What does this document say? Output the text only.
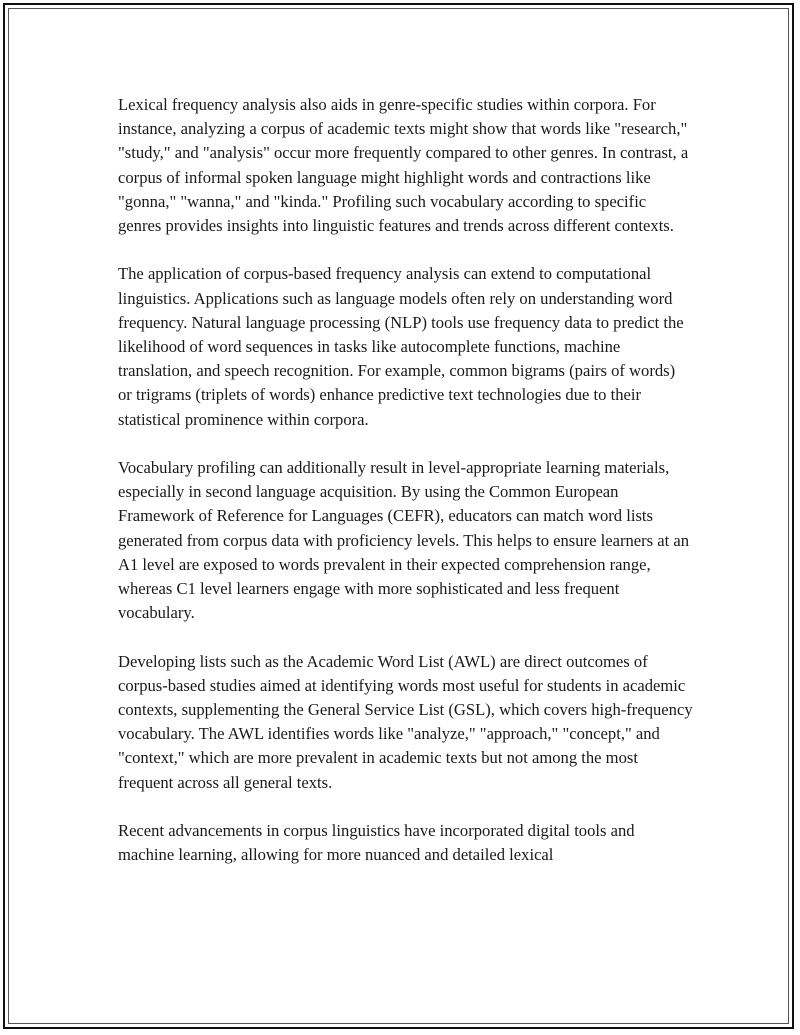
Lexical frequency analysis also aids in genre-specific studies within corpora. For instance, analyzing a corpus of academic texts might show that words like "research," "study," and "analysis" occur more frequently compared to other genres. In contrast, a corpus of informal spoken language might highlight words and contractions like "gonna," "wanna," and "kinda." Profiling such vocabulary according to specific genres provides insights into linguistic features and trends across different contexts.

The application of corpus-based frequency analysis can extend to computational linguistics. Applications such as language models often rely on understanding word frequency. Natural language processing (NLP) tools use frequency data to predict the likelihood of word sequences in tasks like autocomplete functions, machine translation, and speech recognition. For example, common bigrams (pairs of words) or trigrams (triplets of words) enhance predictive text technologies due to their statistical prominence within corpora.

Vocabulary profiling can additionally result in level-appropriate learning materials, especially in second language acquisition. By using the Common European Framework of Reference for Languages (CEFR), educators can match word lists generated from corpus data with proficiency levels. This helps to ensure learners at an A1 level are exposed to words prevalent in their expected comprehension range, whereas C1 level learners engage with more sophisticated and less frequent vocabulary.

Developing lists such as the Academic Word List (AWL) are direct outcomes of corpus-based studies aimed at identifying words most useful for students in academic contexts, supplementing the General Service List (GSL), which covers high-frequency vocabulary. The AWL identifies words like "analyze," "approach," "concept," and "context," which are more prevalent in academic texts but not among the most frequent across all general texts.

Recent advancements in corpus linguistics have incorporated digital tools and machine learning, allowing for more nuanced and detailed lexical
